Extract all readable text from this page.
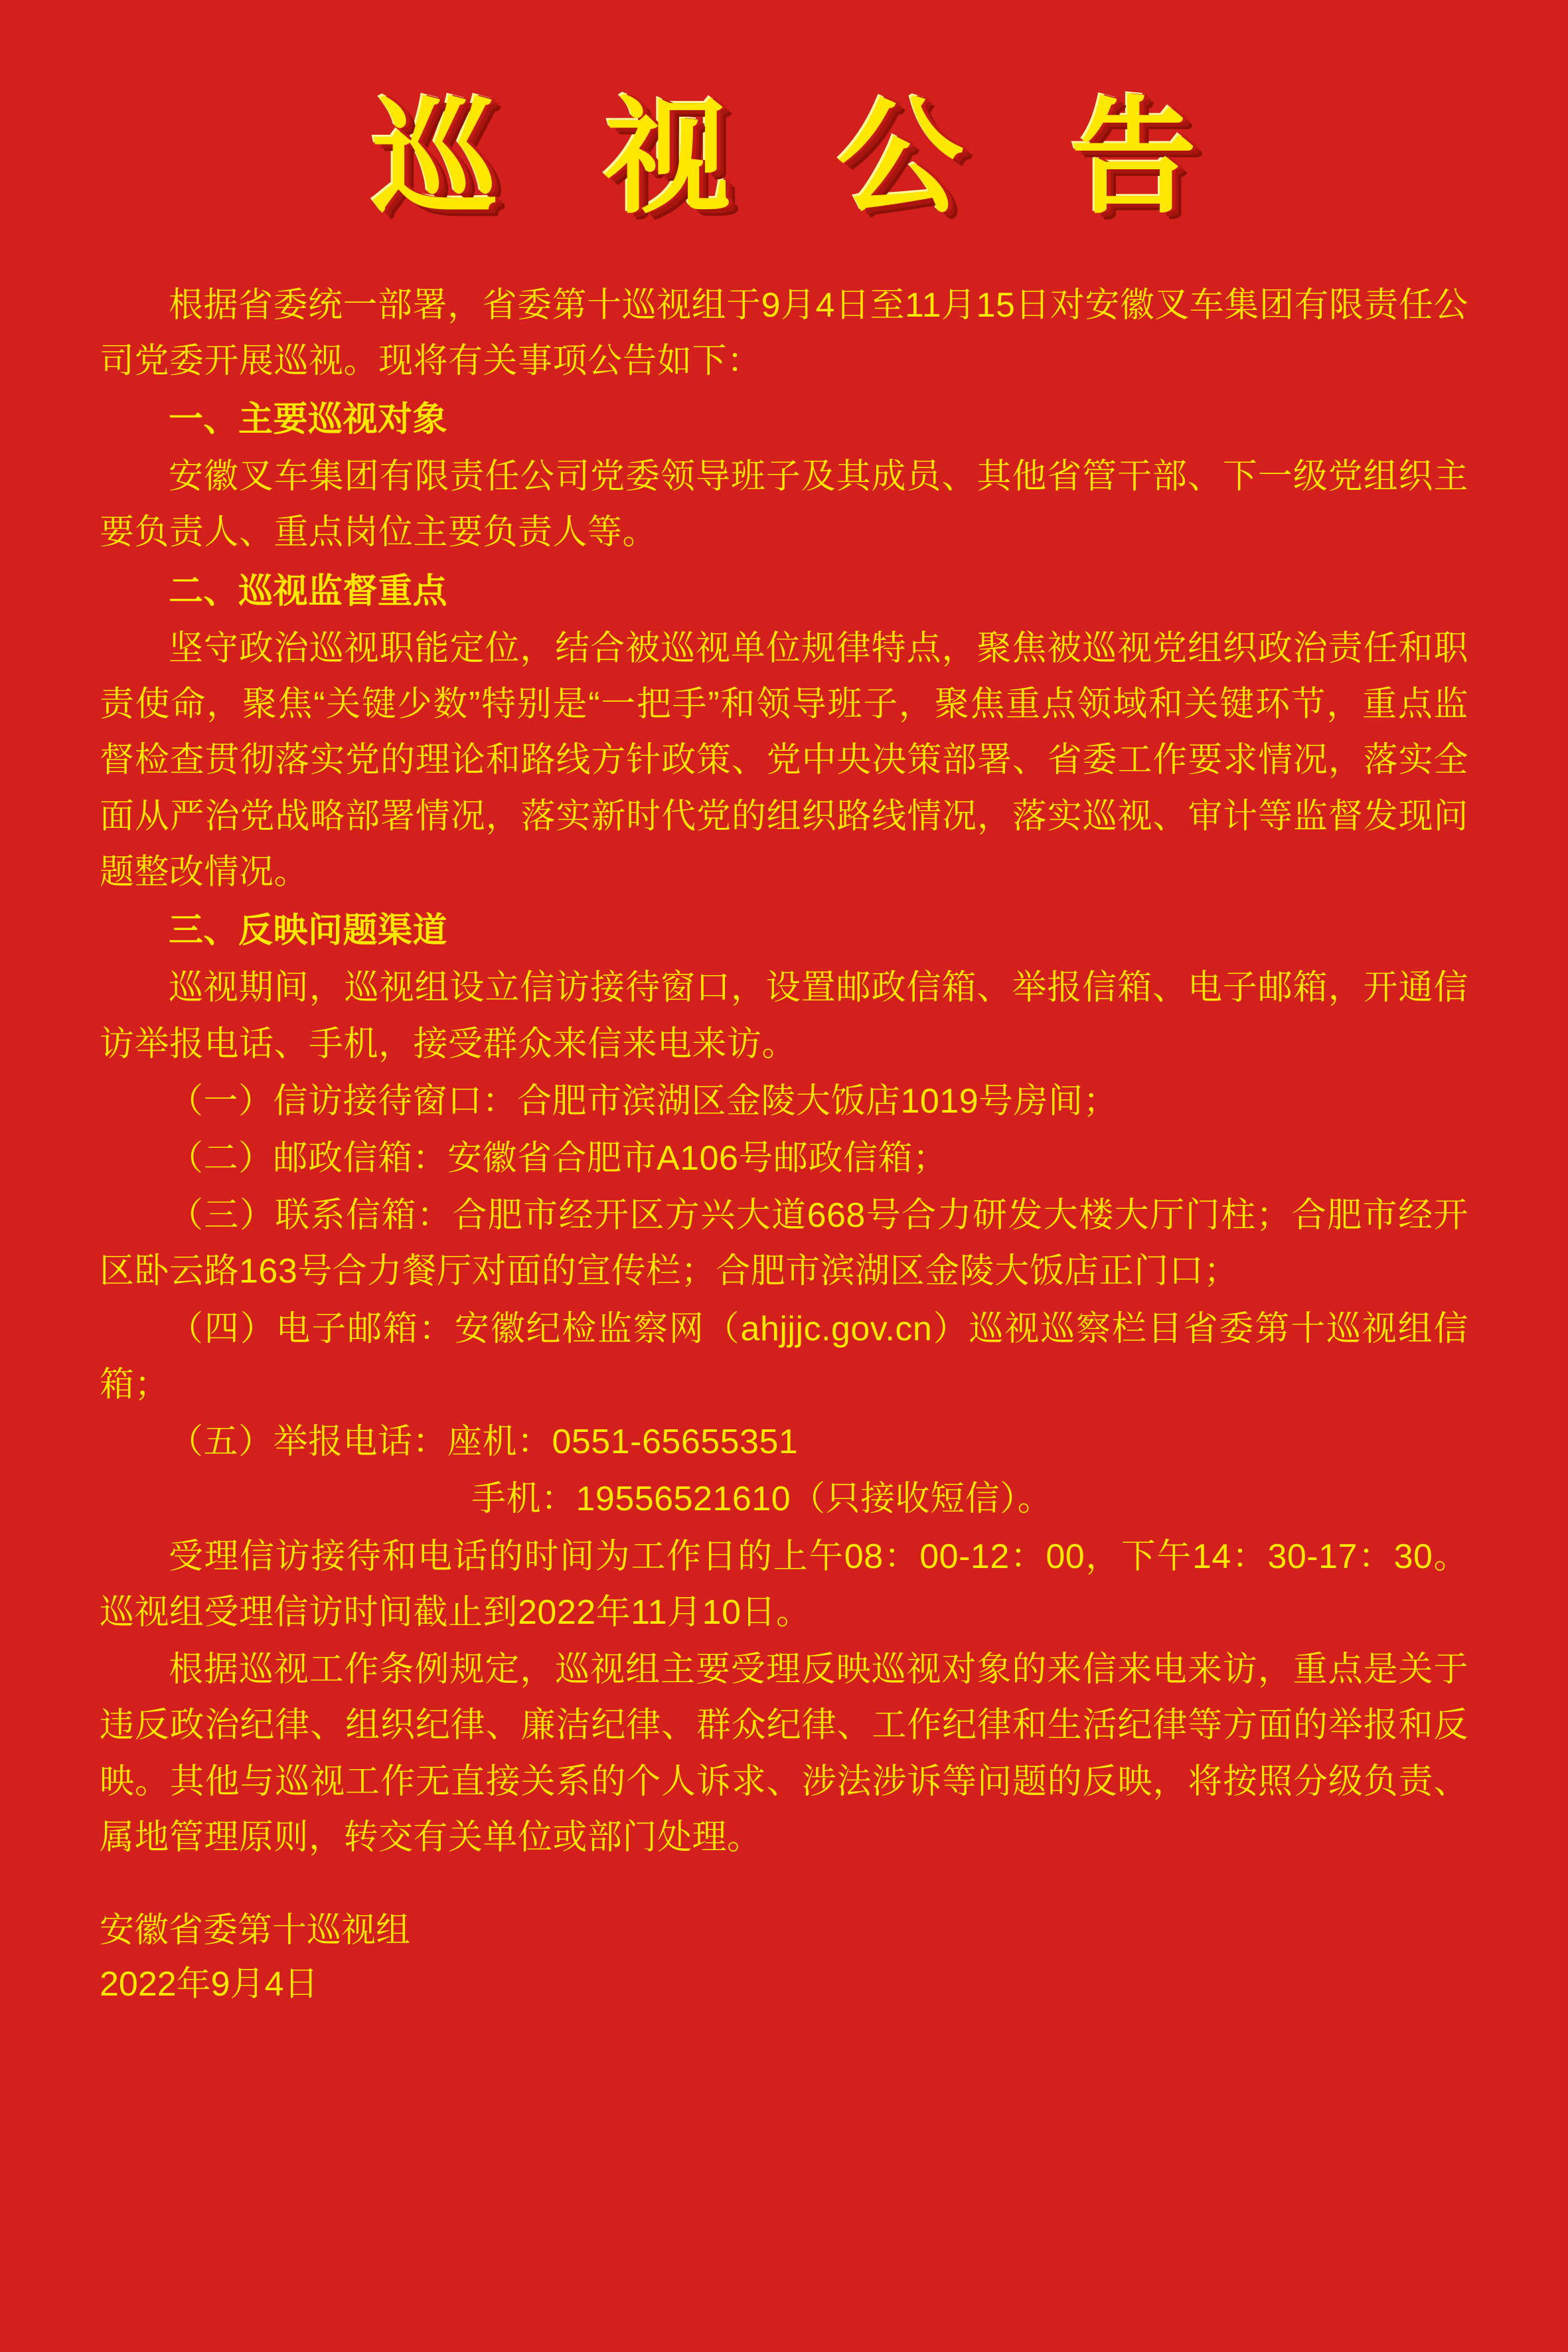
巡 视 公 告

根据省委统一部署，省委第十巡视组于9月4日至11月15日对安徽叉车集团有限责任公司党委开展巡视。现将有关事项公告如下：

一、主要巡视对象

安徽叉车集团有限责任公司党委领导班子及其成员、其他省管干部、下一级党组织主要负责人、重点岗位主要负责人等。

二、巡视监督重点

坚守政治巡视职能定位，结合被巡视单位规律特点，聚焦被巡视党组织政治责任和职责使命，聚焦“关键少数”特别是“一把手”和领导班子，聚焦重点领域和关键环节，重点监督检查贯彻落实党的理论和路线方针政策、党中央决策部署、省委工作要求情况，落实全面从严治党战略部署情况，落实新时代党的组织路线情况，落实巡视、审计等监督发现问题整改情况。

三、反映问题渠道

巡视期间，巡视组设立信访接待窗口，设置邮政信箱、举报信箱、电子邮箱，开通信访举报电话、手机，接受群众来信来电来访。

（一）信访接待窗口：合肥市滨湖区金陵大饭店1019号房间；

（二）邮政信箱：安徽省合肥市A106号邮政信箱；

（三）联系信箱：合肥市经开区方兴大道668号合力研发大楼大厅门柱；合肥市经开区卧云路163号合力餐厅对面的宣传栏；合肥市滨湖区金陵大饭店正门口；

（四）电子邮箱：安徽纪检监察网（ahjjjc.gov.cn）巡视巡察栏目省委第十巡视组信箱；

（五）举报电话：座机：0551-65655351

手机：19556521610（只接收短信）。

受理信访接待和电话的时间为工作日的上午08：00-12：00，下午14：30-17：30。巡视组受理信访时间截止到2022年11月10日。

根据巡视工作条例规定，巡视组主要受理反映巡视对象的来信来电来访，重点是关于违反政治纪律、组织纪律、廉洁纪律、群众纪律、工作纪律和生活纪律等方面的举报和反映。其他与巡视工作无直接关系的个人诉求、涉法涉诉等问题的反映，将按照分级负责、属地管理原则，转交有关单位或部门处理。

安徽省委第十巡视组

2022年9月4日
